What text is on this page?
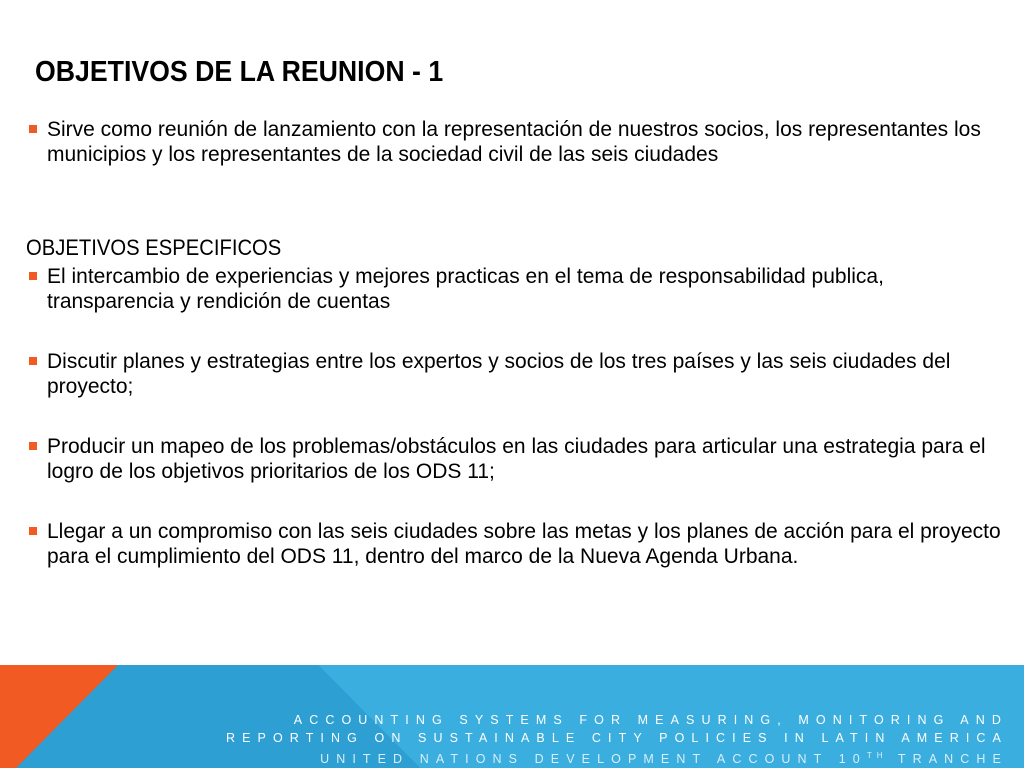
OBJETIVOS DE LA REUNION - 1
Sirve como reunión de lanzamiento con la representación de nuestros socios, los representantes los municipios y los representantes de la sociedad civil de las seis ciudades
OBJETIVOS ESPECIFICOS
El intercambio de experiencias y mejores practicas en el tema de responsabilidad publica, transparencia y rendición de cuentas
Discutir planes y estrategias entre los expertos y socios de los tres países y las seis ciudades del proyecto;
Producir un mapeo de los problemas/obstáculos en las ciudades para articular una estrategia para el logro de los objetivos prioritarios de los ODS 11;
Llegar a un compromiso con las seis ciudades sobre las metas y los planes de acción para el proyecto para el cumplimiento del ODS 11, dentro del marco de la Nueva Agenda Urbana.
ACCOUNTING SYSTEMS FOR MEASURING, MONITORING AND
REPORTING ON SUSTAINABLE CITY POLICIES IN LATIN AMERICA
UNITED NATIONS DEVELOPMENT ACCOUNT 10TH TRANCHE
